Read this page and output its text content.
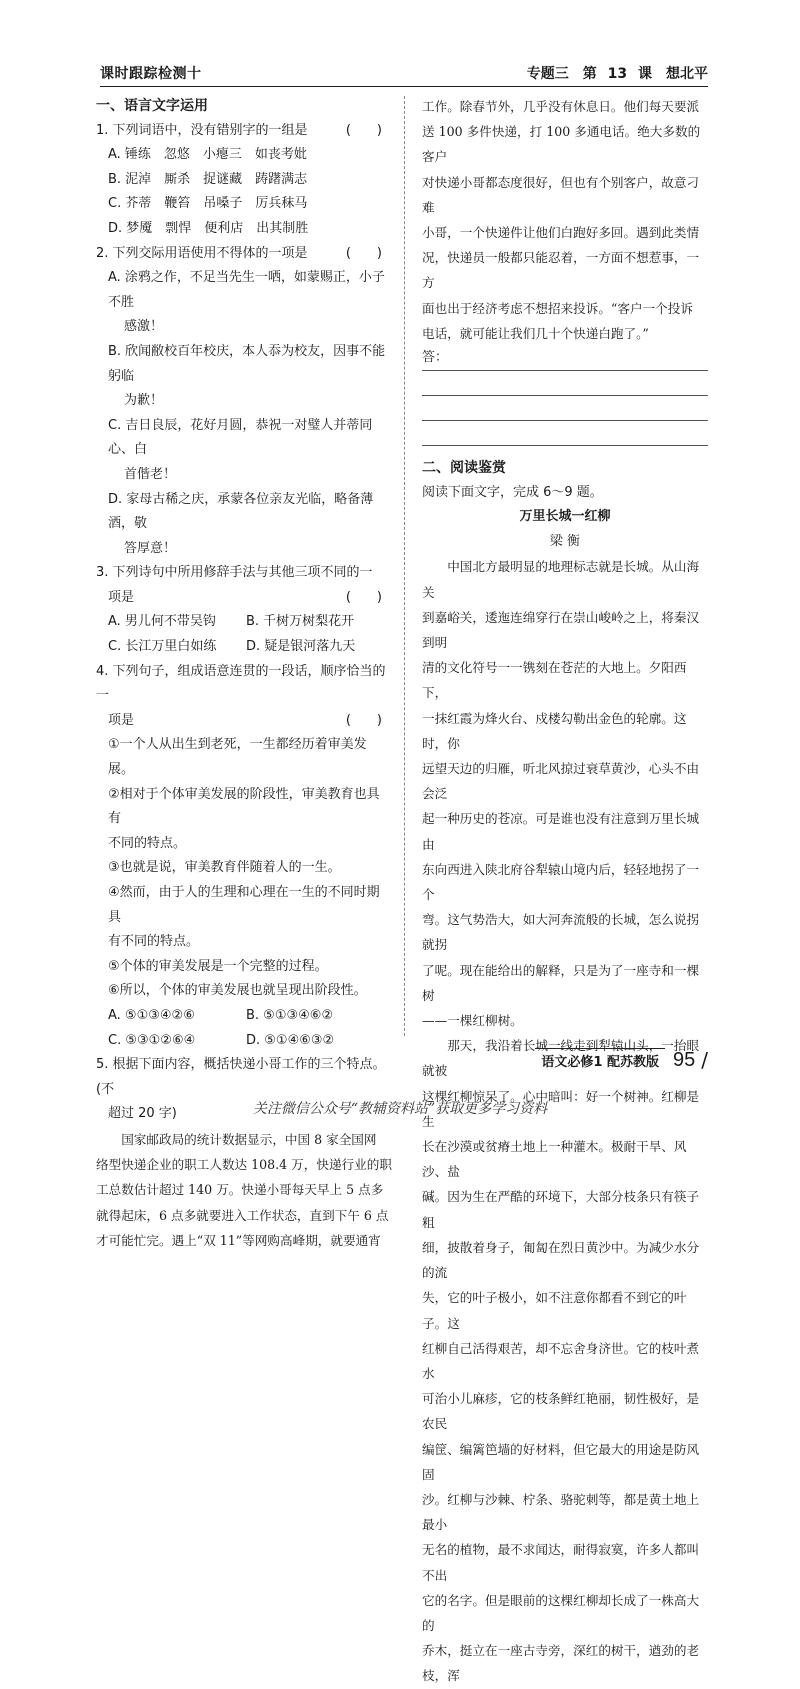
课时跟踪检测十	专题三　第 13 课　想北平
一、语言文字运用
1. 下列词语中，没有错别字的一组是	(　　)
A. 锤练　忽悠　小瘪三　如丧考妣
B. 泥淖　厮杀　捉谜藏　踌躇满志
C. 芥蒂　鞭笞　吊嗓子　厉兵秣马
D. 梦魇　剽悍　便利店　出其制胜
2. 下列交际用语使用不得体的一项是	(　　)
A. 涂鸦之作，不足当先生一哂，如蒙赐正，小子不胜
感激！
B. 欣闻敝校百年校庆，本人忝为校友，因事不能躬临
为歉！
C. 吉日良辰，花好月圆，恭祝一对璧人并蒂同心、白
首偕老！
D. 家母古稀之庆，承蒙各位亲友光临，略备薄酒，敬
答厚意！
3. 下列诗句中所用修辞手法与其他三项不同的一
项是	(　　)
A. 男儿何不带吴钩	B. 千树万树梨花开
C. 长江万里白如练	D. 疑是银河落九天
4. 下列句子，组成语意连贯的一段话，顺序恰当的一
项是	(　　)
①一个人从出生到老死，一生都经历着审美发展。
②相对于个体审美发展的阶段性，审美教育也具有
不同的特点。
③也就是说，审美教育伴随着人的一生。
④然而，由于人的生理和心理在一生的不同时期具
有不同的特点。
⑤个体的审美发展是一个完整的过程。
⑥所以，个体的审美发展也就呈现出阶段性。
A. ⑤①③④②⑥	B. ⑤①③④⑥②
C. ⑤③①②⑥④	D. ⑤①④⑥③②
5. 根据下面内容，概括快递小哥工作的三个特点。(不
超过 20 字)

国家邮政局的统计数据显示，中国 8 家全国网

络型快递企业的职工人数达 108.4 万，快递行业的职
工总数估计超过 140 万。快递小哥每天早上 5 点多
就得起床，6 点多就要进入工作状态，直到下午 6 点
才可能忙完。遇上“双 11”等网购高峰期，就要通宵
工作。除春节外，几乎没有休息日。他们每天要派
送 100 多件快递，打 100 多通电话。绝大多数的客户
对快递小哥都态度很好，但也有个别客户，故意刁难
小哥，一个快递件让他们白跑好多回。遇到此类情
况，快递员一般都只能忍着，一方面不想惹事，一方
面也出于经济考虑不想招来投诉。“客户一个投诉
电话，就可能让我们几十个快递白跑了。”
答：
二、阅读鉴赏
阅读下面文字，完成 6～9 题。
万里长城一红柳
梁 衡

中国北方最明显的地理标志就是长城。从山海关

到嘉峪关，逶迤连绵穿行在崇山峻岭之上，将秦汉到明
清的文化符号一一镌刻在苍茫的大地上。夕阳西下，
一抹红霞为烽火台、戍楼勾勒出金色的轮廓。这时，你
远望天边的归雁，听北风掠过衰草黄沙，心头不由会泛
起一种历史的苍凉。可是谁也没有注意到万里长城由
东向西进入陕北府谷犁辕山境内后，轻轻地拐了一个
弯。这气势浩大，如大河奔流般的长城，怎么说拐就拐
了呢。现在能给出的解释，只是为了一座寺和一棵树
——一棵红柳树。

那天，我沿着长城一线走到犁辕山头，一抬眼就被

这棵红柳惊呆了。心中暗叫：好一个树神。红柳是生
长在沙漠或贫瘠土地上一种灌木。极耐干旱、风沙、盐
碱。因为生在严酷的环境下，大部分枝条只有筷子粗
细，披散着身子，匍匐在烈日黄沙中。为减少水分的流
失，它的叶子极小，如不注意你都看不到它的叶子。这
红柳自己活得艰苦，却不忘舍身济世。它的枝叶煮水
可治小儿麻疹，它的枝条鲜红艳丽，韧性极好，是农民
编筐、编篱笆墙的好材料，但它最大的用途是防风固
沙。红柳与沙棘、柠条、骆驼刺等，都是黄土地上最小
无名的植物，最不求闻达，耐得寂寞，许多人都叫不出
它的名字。但是眼前的这棵红柳却长成了一株高大的
乔木，挺立在一座古寺旁，深红的树干，遒劲的老枝，浑
语文必修1 配苏教版 95 /
关注微信公众号“教辅资料站”获取更多学习资料
